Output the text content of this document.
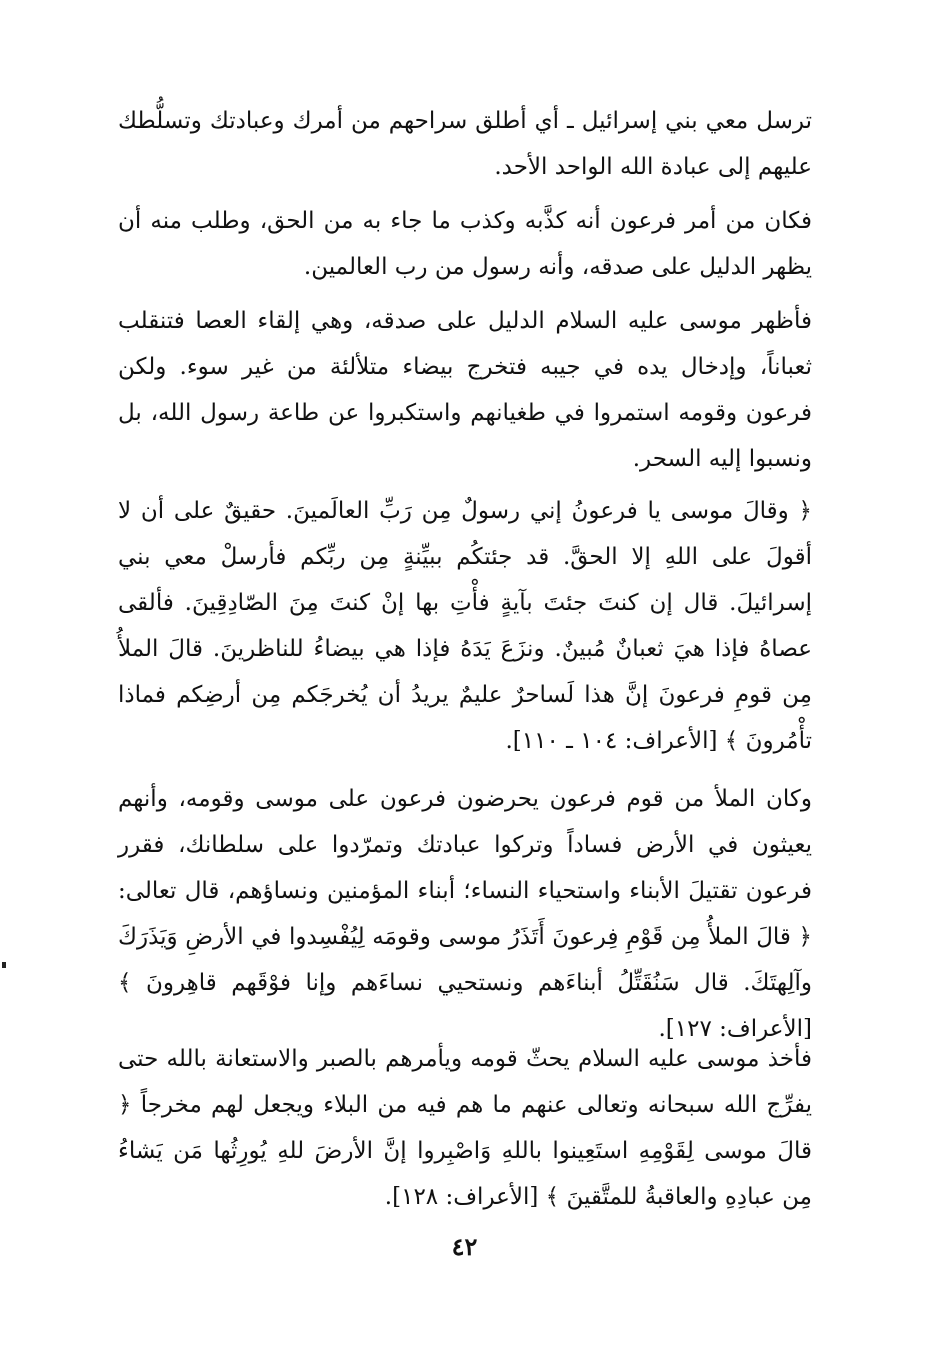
ترسل معي بني إسرائيل ـ أي أطلق سراحهم من أمرك وعبادتك وتسلُّطك عليهم إلى عبادة الله الواحد الأحد.

فكان من أمر فرعون أنه كذَّبه وكذب ما جاء به من الحق، وطلب منه أن يظهر الدليل على صدقه، وأنه رسول من رب العالمين.

فأظهر موسى عليه السلام الدليل على صدقه، وهي إلقاء العصا فتنقلب ثعباناً، وإدخال يده في جيبه فتخرج بيضاء متلألئة من غير سوء. ولكن فرعون وقومه استمروا في طغيانهم واستكبروا عن طاعة رسول الله، بل ونسبوا إليه السحر.

﴿ وقالَ موسى يا فرعونُ إني رسولٌ مِن رَبِّ العالَمينَ. حقيقٌ على أن لا أقولَ على اللهِ إلا الحقَّ. قد جئتكُم ببيِّنةٍ مِن ربِّكم فأرسلْ معي بني إسرائيلَ. قال إن كنتَ جئتَ بآيةٍ فأْتِ بها إنْ كنتَ مِنَ الصّادِقِينَ. فألقى عصاهُ فإذا هيَ ثعبانٌ مُبينٌ. ونزَعَ يَدَهُ فإذا هي بيضاءُ للناظرينَ. قالَ الملأُ مِن قومِ فرعونَ إنَّ هذا لَساحرٌ عليمٌ يريدُ أن يُخرجَكم مِن أرضِكم فماذا تأْمُرونَ ﴾ [الأعراف: ١٠٤ ـ ١١٠].

وكان الملأ من قوم فرعون يحرضون فرعون على موسى وقومه، وأنهم يعيثون في الأرض فساداً وتركوا عبادتك وتمرّدوا على سلطانك، فقرر فرعون تقتيلَ الأبناء واستحياء النساء؛ أبناء المؤمنين ونساؤهم، قال تعالى: ﴿ قالَ الملأُ مِن قَوْمِ فِرعونَ أَتَذَرُ موسى وقومَه لِيُفْسِدوا في الأرضِ وَيَذَرَكَ وآلِهتَكَ. قال سَنُقَتِّلُ أبناءَهم ونستحيي نساءَهم وإنا فوْقَهم قاهِرونَ ﴾ [الأعراف: ١٢٧].

فأخذ موسى عليه السلام يحثّ قومه ويأمرهم بالصبر والاستعانة بالله حتى يفرِّج الله سبحانه وتعالى عنهم ما هم فيه من البلاء ويجعل لهم مخرجاً ﴿ قالَ موسى لِقَوْمِهِ استَعِينوا باللهِ وَاصْبِروا إنَّ الأرضَ للهِ يُورِثُها مَن يَشاءُ مِن عبادِهِ والعاقبةُ للمتَّقينَ ﴾ [الأعراف: ١٢٨].

٤٢
